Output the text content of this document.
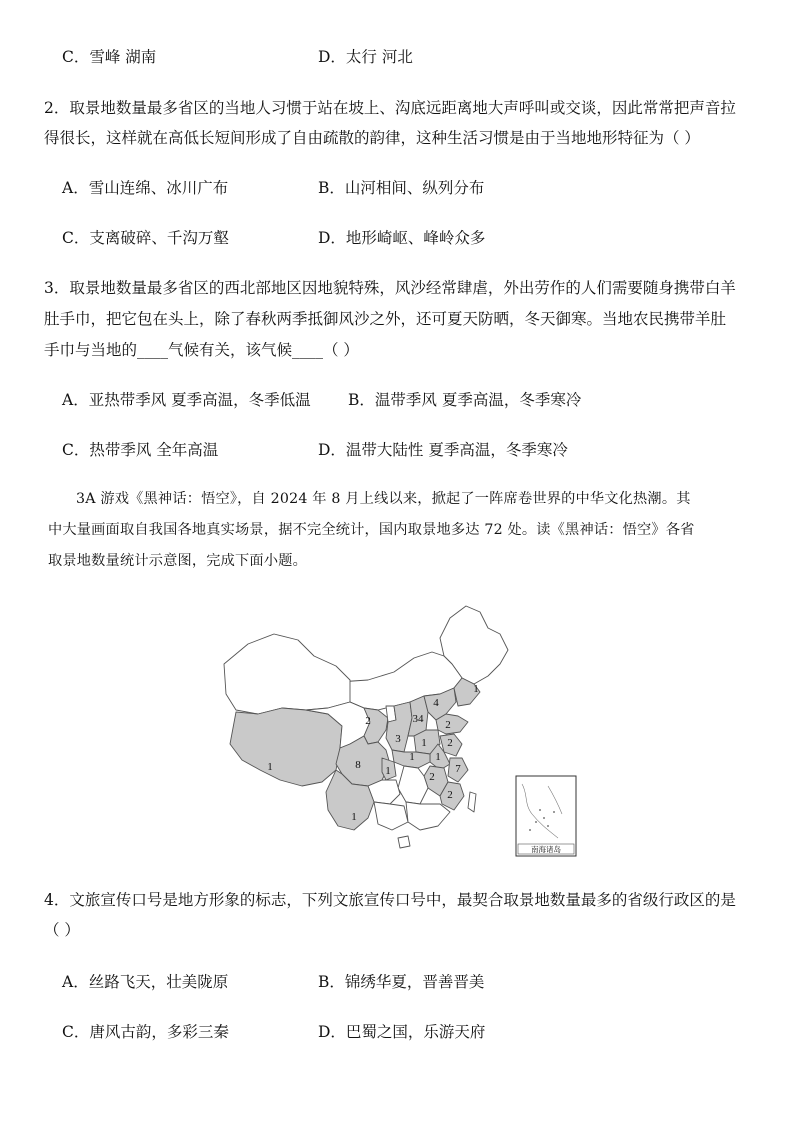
C．雪峰 湖南	D．太行 河北
2．取景地数量最多省区的当地人习惯于站在坡上、沟底远距离地大声呼叫或交谈，因此常常把声音拉
得很长，这样就在高低长短间形成了自由疏散的韵律，这种生活习惯是由于当地地形特征为（ ）
A．雪山连绵、冰川广布	B．山河相间、纵列分布
C．支离破碎、千沟万壑	D．地形崎岖、峰岭众多
3．取景地数量最多省区的西北部地区因地貌特殊，风沙经常肆虐，外出劳作的人们需要随身携带白羊
肚手巾，把它包在头上，除了春秋两季抵御风沙之外，还可夏天防晒，冬天御寒。当地农民携带羊肚
手巾与当地的____气候有关，该气候____（ ）
A．亚热带季风 夏季高温，冬季低温 B．温带季风 夏季高温，冬季寒冷
C．热带季风 全年高温	D．温带大陆性 夏季高温，冬季寒冷
3A 游戏《黑神话：悟空》，自 2024 年 8 月上线以来，掀起了一阵席卷世界的中华文化热潮。其
中大量画面取自我国各地真实场景，据不完全统计，国内取景地多达 72 处。读《黑神话：悟空》各省
取景地数量统计示意图，完成下面小题。
南海诸岛
1
1
2
3
34
4
2
1
1
8
1
2
1
2
7
2
1
4．文旅宣传口号是地方形象的标志，下列文旅宣传口号中，最契合取景地数量最多的省级行政区的是
（ ）
A．丝路飞天，壮美陇原	B．锦绣华夏，晋善晋美
C．唐风古韵，多彩三秦	D．巴蜀之国，乐游天府
